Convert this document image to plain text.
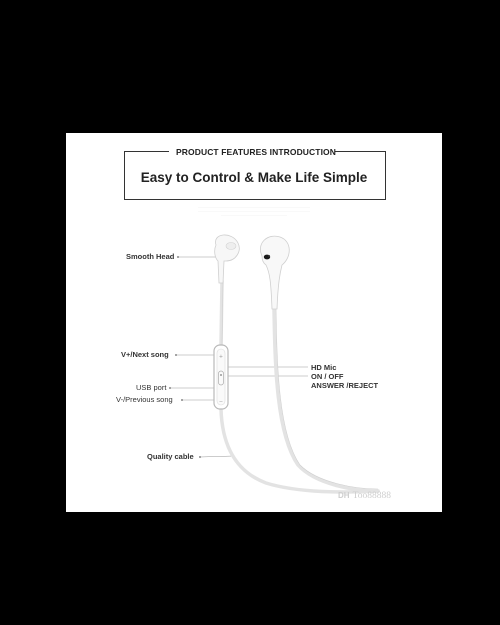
PRODUCT FEATURES INTRODUCTION
Easy to Control & Make Life Simple
················································································································
················································································································
··································································
+
−
Smooth Head
V+/Next song
USB port
V-/Previous song
Quality cable
HD Mic
ON / OFF
ANSWER /REJECT
DH Too88888
